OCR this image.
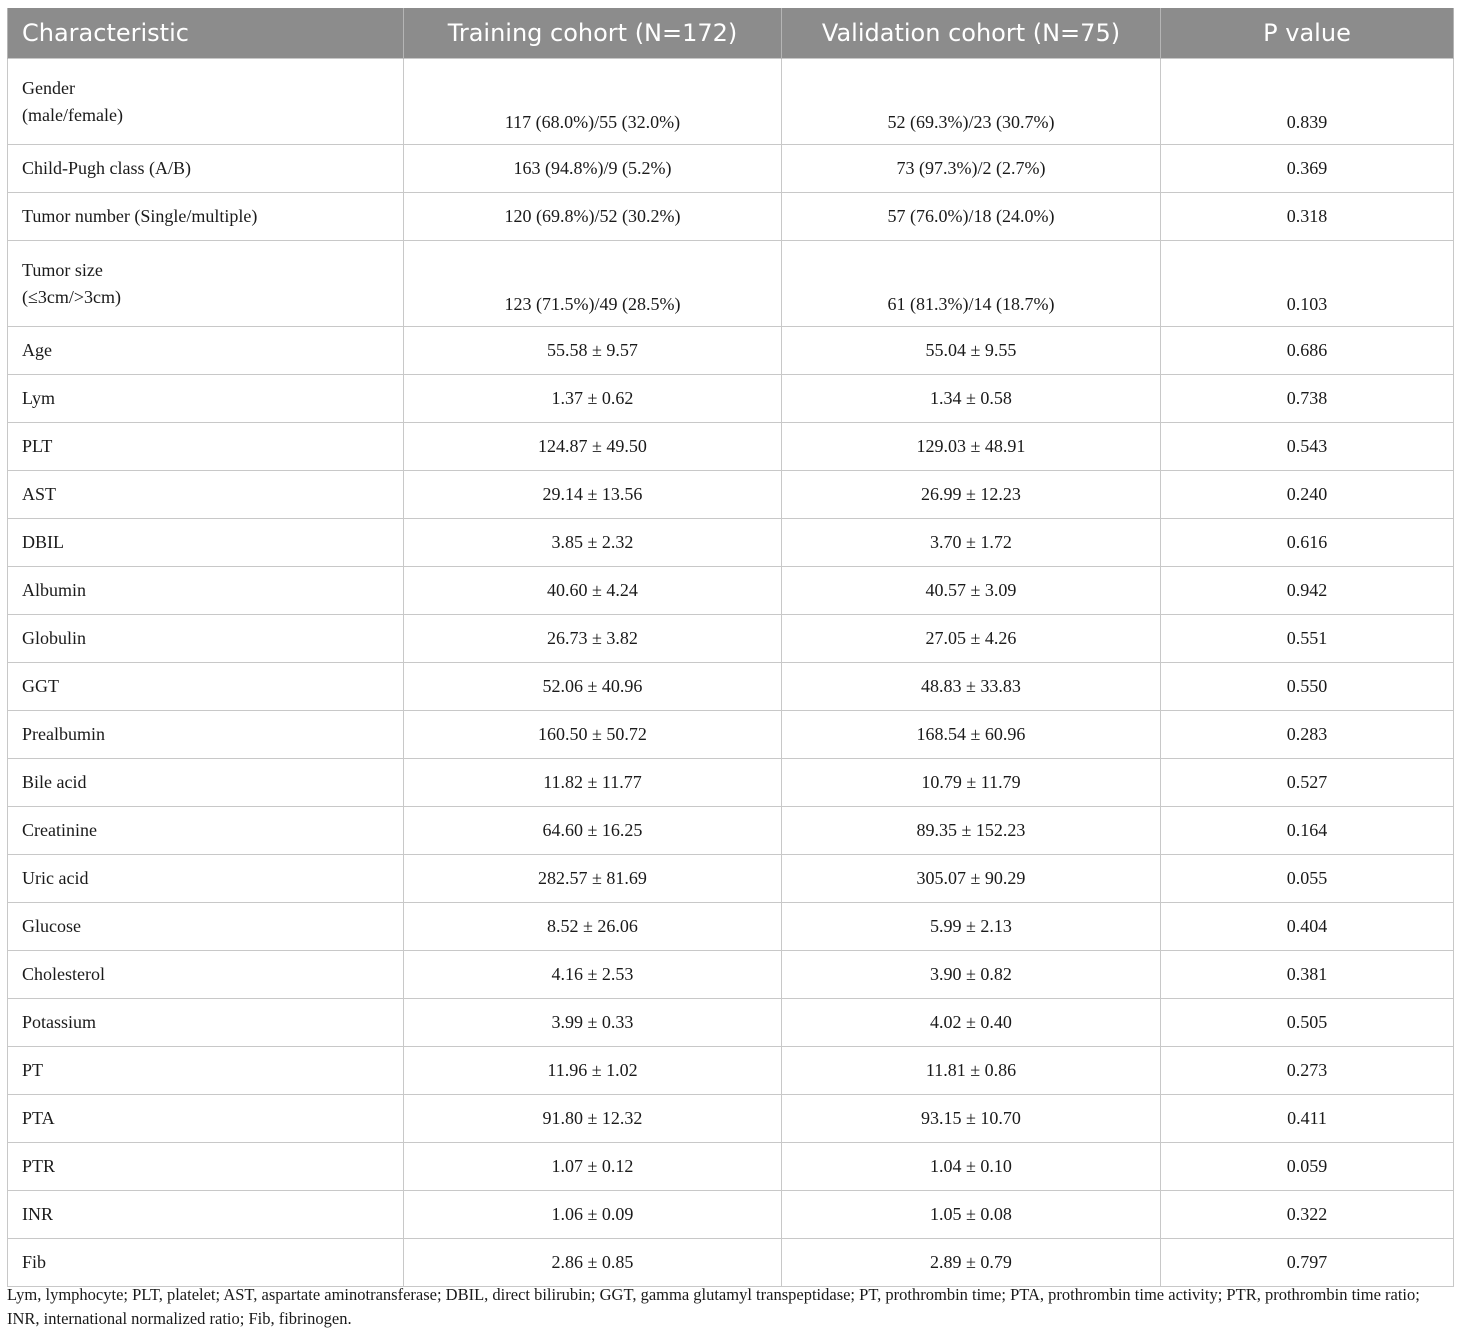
Characteristic	Training cohort (N=172)	Validation cohort (N=75)	P value
Gender
(male/female)	117 (68.0%)/55 (32.0%)	52 (69.3%)/23 (30.7%)	0.839
Child-Pugh class (A/B)	163 (94.8%)/9 (5.2%)	73 (97.3%)/2 (2.7%)	0.369
Tumor number (Single/multiple)	120 (69.8%)/52 (30.2%)	57 (76.0%)/18 (24.0%)	0.318
Tumor size
(≤3cm/>3cm)	123 (71.5%)/49 (28.5%)	61 (81.3%)/14 (18.7%)	0.103
Age	55.58 ± 9.57	55.04 ± 9.55	0.686
Lym	1.37 ± 0.62	1.34 ± 0.58	0.738
PLT	124.87 ± 49.50	129.03 ± 48.91	0.543
AST	29.14 ± 13.56	26.99 ± 12.23	0.240
DBIL	3.85 ± 2.32	3.70 ± 1.72	0.616
Albumin	40.60 ± 4.24	40.57 ± 3.09	0.942
Globulin	26.73 ± 3.82	27.05 ± 4.26	0.551
GGT	52.06 ± 40.96	48.83 ± 33.83	0.550
Prealbumin	160.50 ± 50.72	168.54 ± 60.96	0.283
Bile acid	11.82 ± 11.77	10.79 ± 11.79	0.527
Creatinine	64.60 ± 16.25	89.35 ± 152.23	0.164
Uric acid	282.57 ± 81.69	305.07 ± 90.29	0.055
Glucose	8.52 ± 26.06	5.99 ± 2.13	0.404
Cholesterol	4.16 ± 2.53	3.90 ± 0.82	0.381
Potassium	3.99 ± 0.33	4.02 ± 0.40	0.505
PT	11.96 ± 1.02	11.81 ± 0.86	0.273
PTA	91.80 ± 12.32	93.15 ± 10.70	0.411
PTR	1.07 ± 0.12	1.04 ± 0.10	0.059
INR	1.06 ± 0.09	1.05 ± 0.08	0.322
Fib	2.86 ± 0.85	2.89 ± 0.79	0.797
Lym, lymphocyte; PLT, platelet; AST, aspartate aminotransferase; DBIL, direct bilirubin; GGT, gamma glutamyl transpeptidase; PT, prothrombin time; PTA, prothrombin time activity; PTR, prothrombin time ratio; INR, international normalized ratio; Fib, fibrinogen.
